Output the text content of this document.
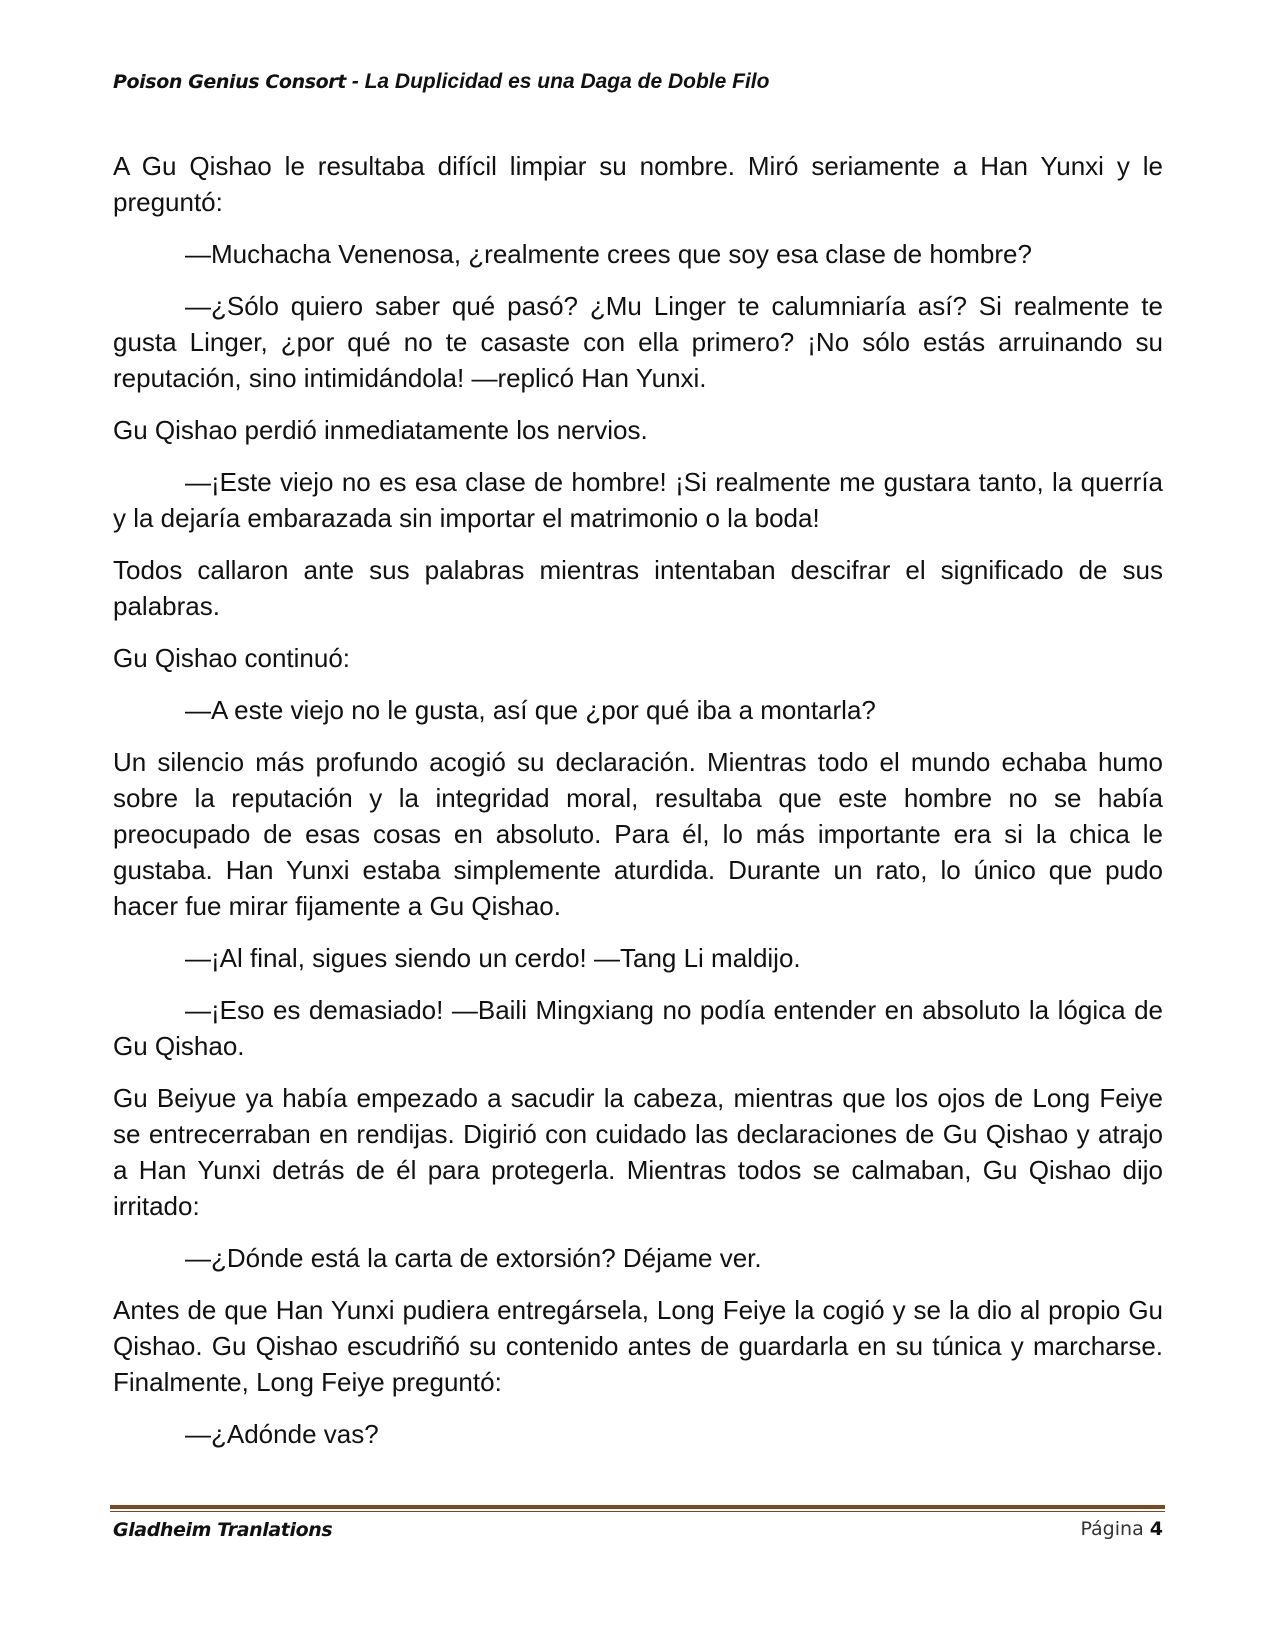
Poison Genius Consort - La Duplicidad es una Daga de Doble Filo

A Gu Qishao le resultaba difícil limpiar su nombre. Miró seriamente a Han Yunxi y le preguntó:

—Muchacha Venenosa, ¿realmente crees que soy esa clase de hombre?

—¿Sólo quiero saber qué pasó? ¿Mu Linger te calumniaría así? Si realmente te gusta Linger, ¿por qué no te casaste con ella primero? ¡No sólo estás arruinando su reputación, sino intimidándola! —replicó Han Yunxi.

Gu Qishao perdió inmediatamente los nervios.

—¡Este viejo no es esa clase de hombre! ¡Si realmente me gustara tanto, la querría y la dejaría embarazada sin importar el matrimonio o la boda!

Todos callaron ante sus palabras mientras intentaban descifrar el significado de sus palabras.

Gu Qishao continuó:

—A este viejo no le gusta, así que ¿por qué iba a montarla?

Un silencio más profundo acogió su declaración. Mientras todo el mundo echaba humo sobre la reputación y la integridad moral, resultaba que este hombre no se había preocupado de esas cosas en absoluto. Para él, lo más importante era si la chica le gustaba. Han Yunxi estaba simplemente aturdida. Durante un rato, lo único que pudo hacer fue mirar fijamente a Gu Qishao.

—¡Al final, sigues siendo un cerdo! —Tang Li maldijo.

—¡Eso es demasiado! —Baili Mingxiang no podía entender en absoluto la lógica de Gu Qishao.

Gu Beiyue ya había empezado a sacudir la cabeza, mientras que los ojos de Long Feiye se entrecerraban en rendijas. Digirió con cuidado las declaraciones de Gu Qishao y atrajo a Han Yunxi detrás de él para protegerla. Mientras todos se calmaban, Gu Qishao dijo irritado:

—¿Dónde está la carta de extorsión? Déjame ver.

Antes de que Han Yunxi pudiera entregársela, Long Feiye la cogió y se la dio al propio Gu Qishao. Gu Qishao escudriñó su contenido antes de guardarla en su túnica y marcharse. Finalmente, Long Feiye preguntó:

—¿Adónde vas?

Gladheim Tranlations	Página 4
